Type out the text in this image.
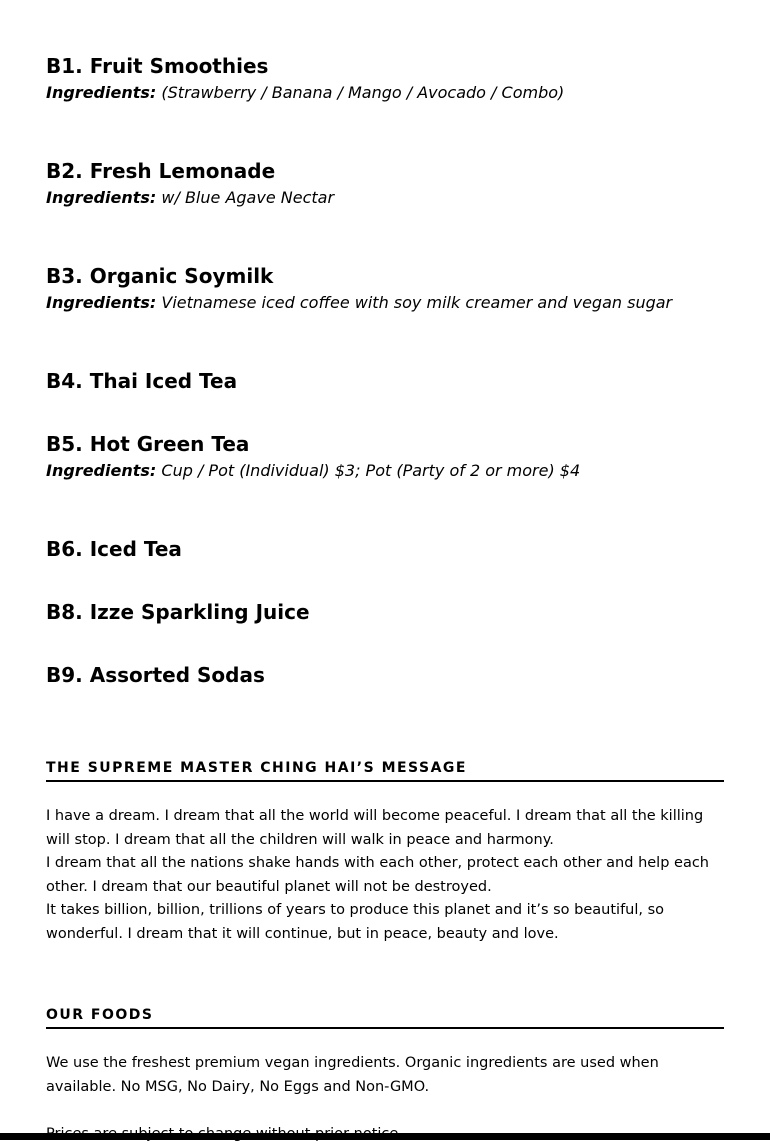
B1. Fruit Smoothies
Ingredients: (Strawberry / Banana / Mango / Avocado / Combo)
B2. Fresh Lemonade
Ingredients: w/ Blue Agave Nectar
B3. Organic Soymilk
Ingredients: Vietnamese iced coffee with soy milk creamer and vegan sugar
B4. Thai Iced Tea
B5. Hot Green Tea
Ingredients: Cup / Pot (Individual) $3; Pot (Party of 2 or more) $4
B6. Iced Tea
B8. Izze Sparkling Juice
B9. Assorted Sodas
THE SUPREME MASTER CHING HAI’S MESSAGE

I have a dream. I dream that all the world will become peaceful. I dream that all the killing will stop. I dream that all the children will walk in peace and harmony.

I dream that all the nations shake hands with each other, protect each other and help each other. I dream that our beautiful planet will not be destroyed.

It takes billion, billion, trillions of years to produce this planet and it’s so beautiful, so wonderful. I dream that it will continue, but in peace, beauty and love.

OUR FOODS

We use the freshest premium vegan ingredients. Organic ingredients are used when available. No MSG, No Dairy, No Eggs and Non-GMO.
